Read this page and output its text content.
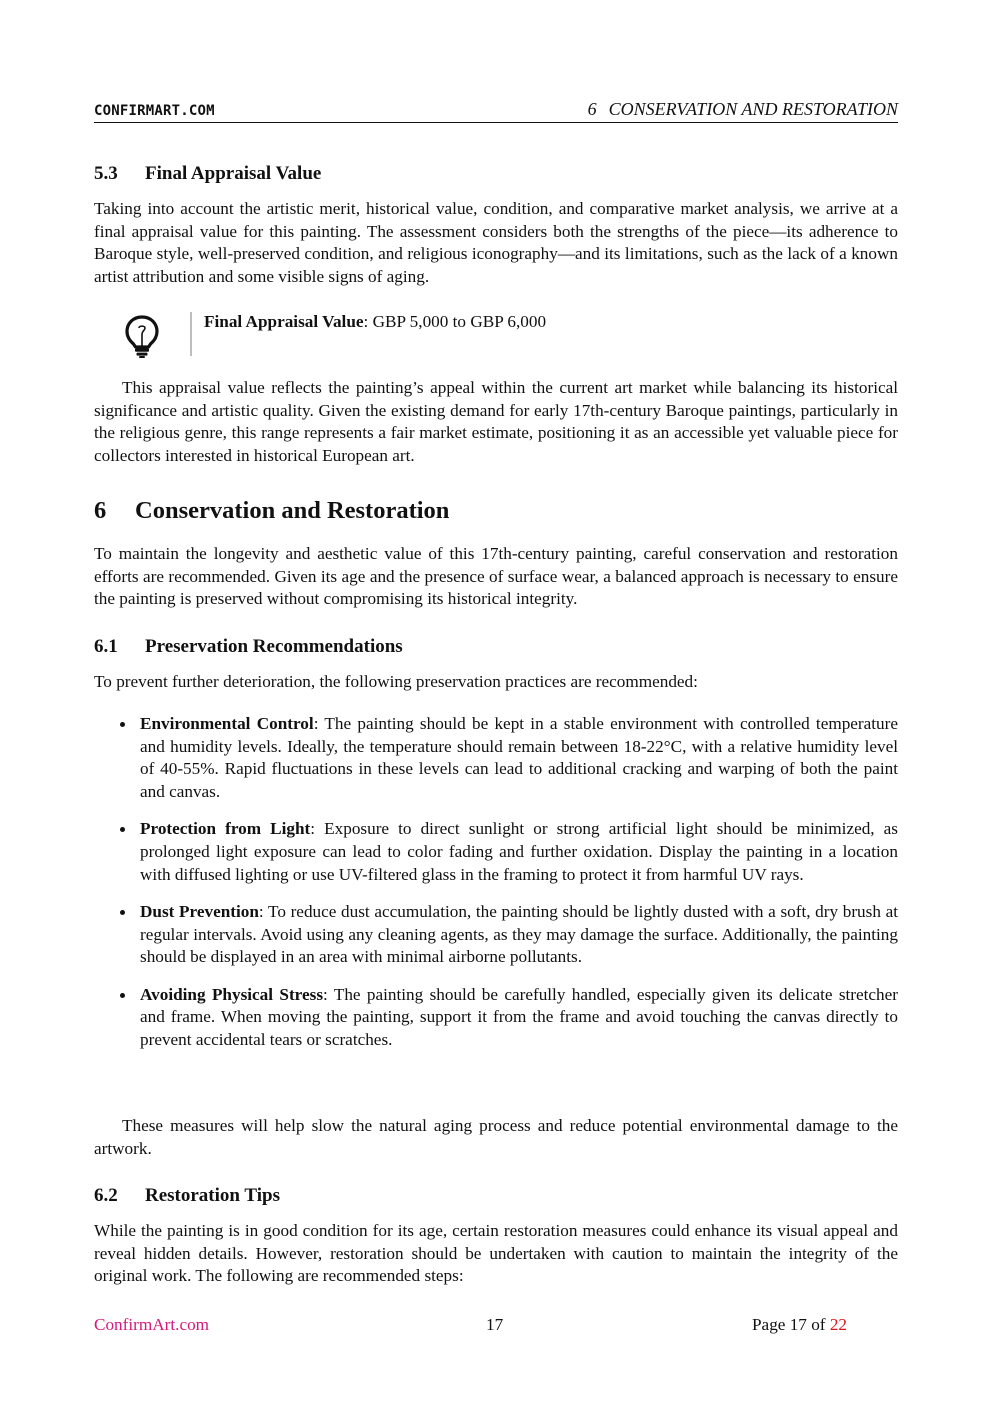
CONFIRMART.COM	6 CONSERVATION AND RESTORATION
5.3 Final Appraisal Value

Taking into account the artistic merit, historical value, condition, and comparative market analysis, we arrive at a final appraisal value for this painting. The assessment considers both the strengths of the piece—its adherence to Baroque style, well-preserved condition, and religious iconography—and its limitations, such as the lack of a known artist attribution and some visible signs of aging.

Final Appraisal Value: GBP 5,000 to GBP 6,000

This appraisal value reflects the painting’s appeal within the current art market while balancing its historical significance and artistic quality. Given the existing demand for early 17th-century Baroque paintings, particularly in the religious genre, this range represents a fair market estimate, positioning it as an accessible yet valuable piece for collectors interested in historical European art.

6 Conservation and Restoration

To maintain the longevity and aesthetic value of this 17th-century painting, careful conservation and restoration efforts are recommended. Given its age and the presence of surface wear, a balanced approach is necessary to ensure the painting is preserved without compromising its historical integrity.

6.1 Preservation Recommendations

To prevent further deterioration, the following preservation practices are recommended:

Environmental Control: The painting should be kept in a stable environment with controlled temperature and humidity levels. Ideally, the temperature should remain between 18-22°C, with a relative humidity level of 40-55%. Rapid fluctuations in these levels can lead to additional cracking and warping of both the paint and canvas.

Protection from Light: Exposure to direct sunlight or strong artificial light should be minimized, as prolonged light exposure can lead to color fading and further oxidation. Display the painting in a location with diffused lighting or use UV-filtered glass in the framing to protect it from harmful UV rays.

Dust Prevention: To reduce dust accumulation, the painting should be lightly dusted with a soft, dry brush at regular intervals. Avoid using any cleaning agents, as they may damage the surface. Additionally, the painting should be displayed in an area with minimal airborne pollutants.

Avoiding Physical Stress: The painting should be carefully handled, especially given its delicate stretcher and frame. When moving the painting, support it from the frame and avoid touching the canvas directly to prevent accidental tears or scratches.

These measures will help slow the natural aging process and reduce potential environmental damage to the artwork.

6.2 Restoration Tips

While the painting is in good condition for its age, certain restoration measures could enhance its visual appeal and reveal hidden details. However, restoration should be undertaken with caution to maintain the integrity of the original work. The following are recommended steps:

ConfirmArt.com	17	Page 17 of 22
